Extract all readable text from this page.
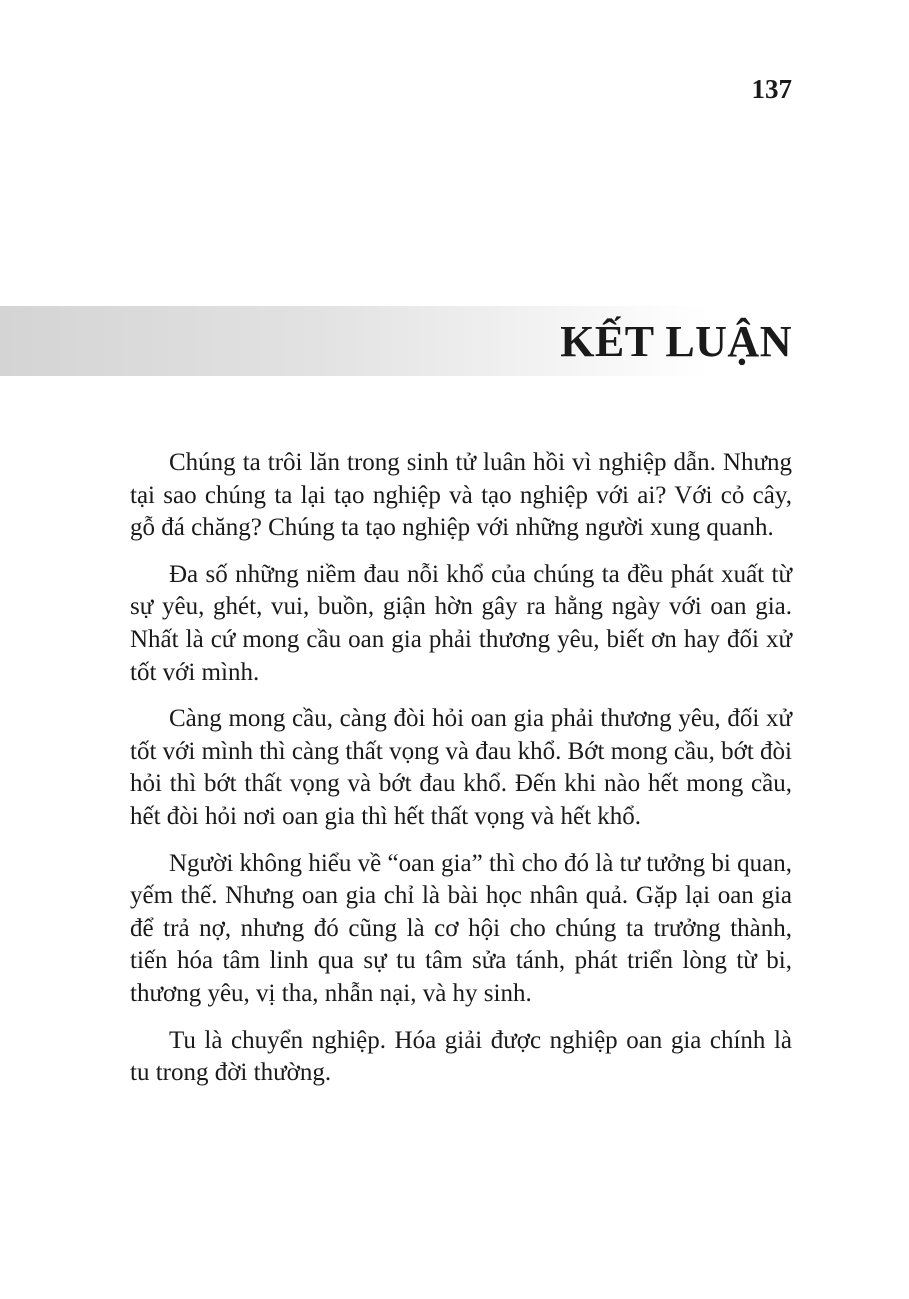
137
KẾT LUẬN

Chúng ta trôi lăn trong sinh tử luân hồi vì nghiệp dẫn. Nhưng tại sao chúng ta lại tạo nghiệp và tạo nghiệp với ai? Với cỏ cây, gỗ đá chăng? Chúng ta tạo nghiệp với những người xung quanh.

Đa số những niềm đau nỗi khổ của chúng ta đều phát xuất từ sự yêu, ghét, vui, buồn, giận hờn gây ra hằng ngày với oan gia. Nhất là cứ mong cầu oan gia phải thương yêu, biết ơn hay đối xử tốt với mình.

Càng mong cầu, càng đòi hỏi oan gia phải thương yêu, đối xử tốt với mình thì càng thất vọng và đau khổ. Bớt mong cầu, bớt đòi hỏi thì bớt thất vọng và bớt đau khổ. Đến khi nào hết mong cầu, hết đòi hỏi nơi oan gia thì hết thất vọng và hết khổ.

Người không hiểu về “oan gia” thì cho đó là tư tưởng bi quan, yếm thế. Nhưng oan gia chỉ là bài học nhân quả. Gặp lại oan gia để trả nợ, nhưng đó cũng là cơ hội cho chúng ta trưởng thành, tiến hóa tâm linh qua sự tu tâm sửa tánh, phát triển lòng từ bi, thương yêu, vị tha, nhẫn nại, và hy sinh.

Tu là chuyển nghiệp. Hóa giải được nghiệp oan gia chính là tu trong đời thường.
